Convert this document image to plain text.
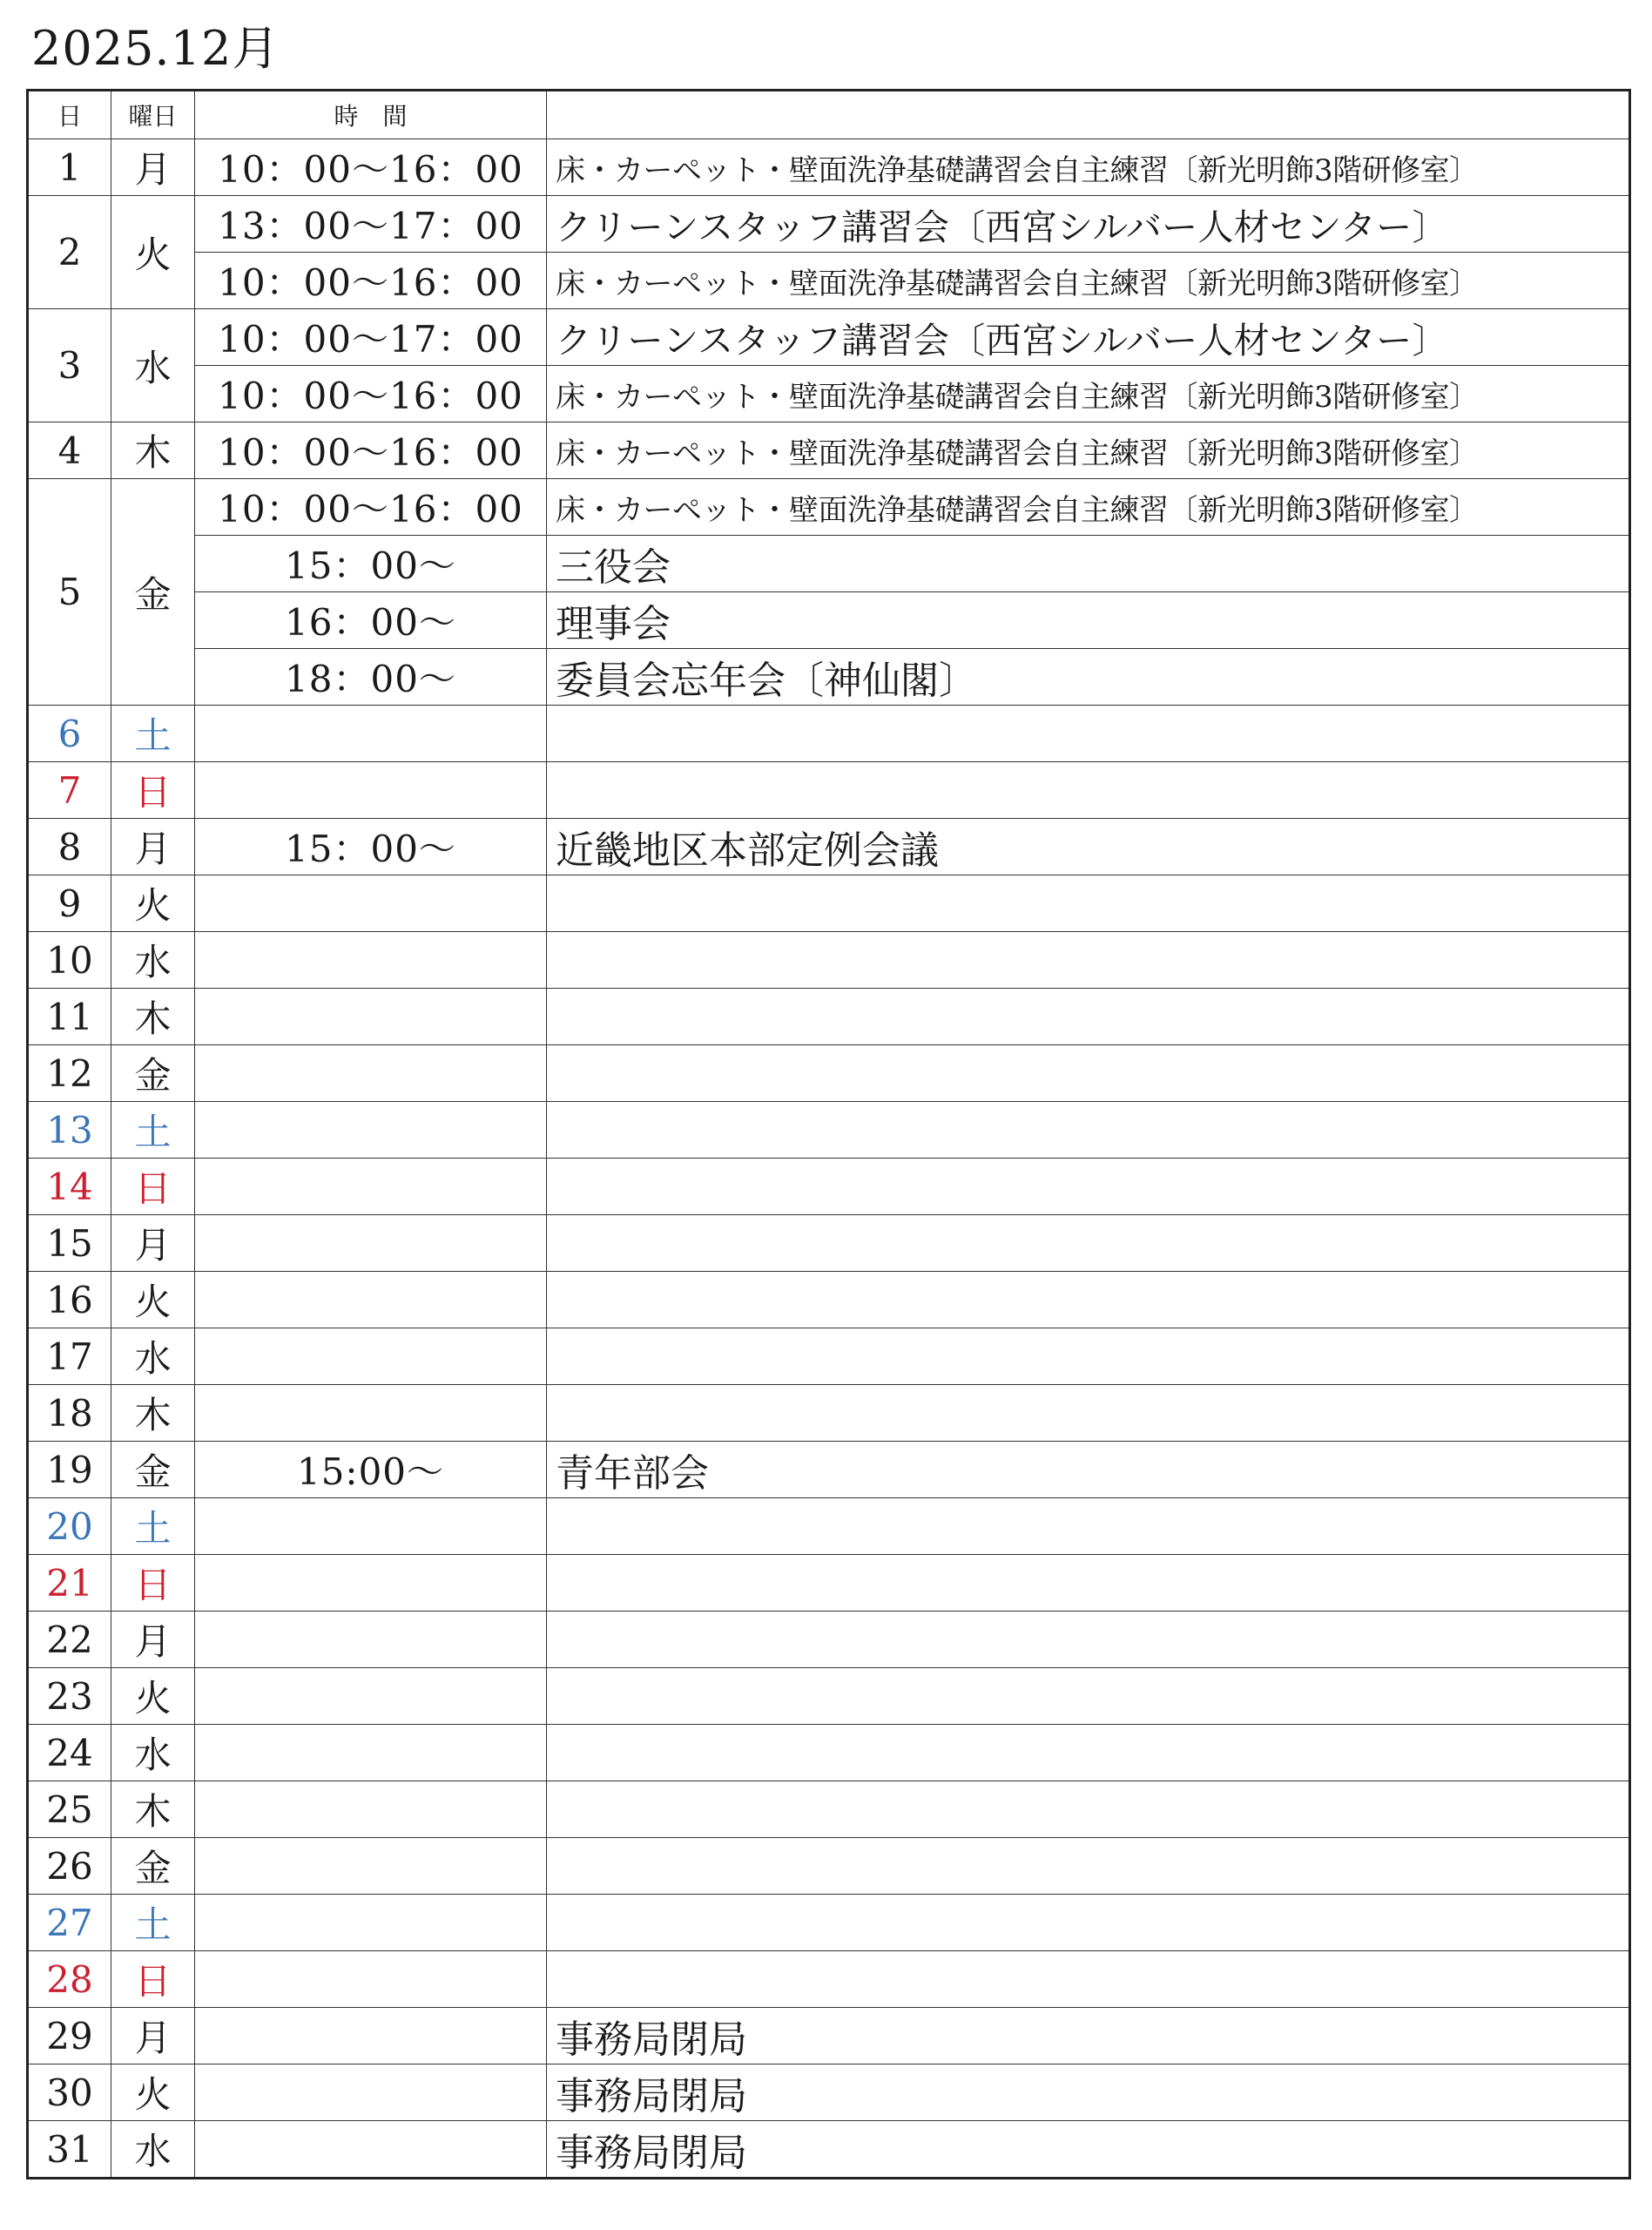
2025.12月
日	曜日	時　間	
1	月	10：00〜16：00	床・カーペット・壁面洗浄基礎講習会自主練習〔新光明飾3階研修室〕
2	火	13：00〜17：00	クリーンスタッフ講習会〔西宮シルバー人材センター〕
		10：00〜16：00	床・カーペット・壁面洗浄基礎講習会自主練習〔新光明飾3階研修室〕
3	水	10：00〜17：00	クリーンスタッフ講習会〔西宮シルバー人材センター〕
		10：00〜16：00	床・カーペット・壁面洗浄基礎講習会自主練習〔新光明飾3階研修室〕
4	木	10：00〜16：00	床・カーペット・壁面洗浄基礎講習会自主練習〔新光明飾3階研修室〕
5	金	10：00〜16：00	床・カーペット・壁面洗浄基礎講習会自主練習〔新光明飾3階研修室〕
		15：00〜	三役会
		16：00〜	理事会
		18：00〜	委員会忘年会〔神仙閣〕
6	土		
7	日		
8	月	15：00〜	近畿地区本部定例会議
9	火		
10	水		
11	木		
12	金		
13	土		
14	日		
15	月		
16	火		
17	水		
18	木		
19	金	15:00〜	青年部会
20	土		
21	日		
22	月		
23	火		
24	水		
25	木		
26	金		
27	土		
28	日		
29	月		事務局閉局
30	火		事務局閉局
31	水		事務局閉局
